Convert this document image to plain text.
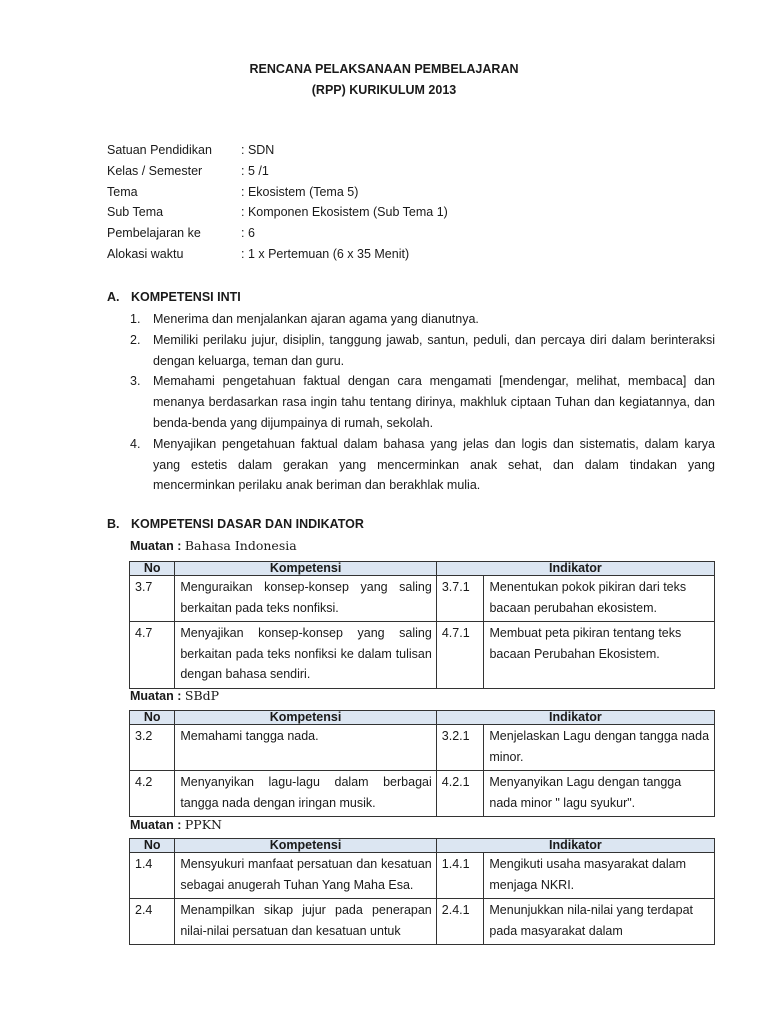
RENCANA PELAKSANAAN PEMBELAJARAN
(RPP) KURIKULUM 2013
Satuan Pendidikan	: SDN
Kelas / Semester	: 5 /1
Tema	: Ekosistem (Tema 5)
Sub Tema	: Komponen Ekosistem (Sub Tema 1)
Pembelajaran ke	: 6
Alokasi waktu	: 1 x Pertemuan (6 x 35 Menit)
A. KOMPETENSI INTI
1.	Menerima dan menjalankan ajaran agama yang dianutnya.
2.	Memiliki perilaku jujur, disiplin, tanggung jawab, santun, peduli, dan percaya diri dalam berinteraksi dengan keluarga, teman dan guru.
3.	Memahami pengetahuan faktual dengan cara mengamati [mendengar, melihat, membaca] dan menanya berdasarkan rasa ingin tahu tentang dirinya, makhluk ciptaan Tuhan dan kegiatannya, dan benda-benda yang dijumpainya di rumah, sekolah.
4.	Menyajikan pengetahuan faktual dalam bahasa yang jelas dan logis dan sistematis, dalam karya yang estetis dalam gerakan yang mencerminkan anak sehat, dan dalam tindakan yang mencerminkan perilaku anak beriman dan berakhlak mulia.
B. KOMPETENSI DASAR DAN INDIKATOR
Muatan : Bahasa Indonesia
No	Kompetensi	Indikator	
3.7	Menguraikan konsep-konsep yang saling berkaitan pada teks nonfiksi.	3.7.1	Menentukan pokok pikiran dari teks bacaan perubahan ekosistem.
4.7	Menyajikan konsep-konsep yang saling berkaitan pada teks nonfiksi ke dalam tulisan dengan bahasa sendiri.	4.7.1	Membuat peta pikiran tentang teks bacaan Perubahan Ekosistem.
Muatan : SBdP
No	Kompetensi	Indikator	
3.2	Memahami tangga nada.	3.2.1	Menjelaskan Lagu dengan tangga nada minor.
4.2	Menyanyikan lagu-lagu dalam berbagai tangga nada dengan iringan musik.	4.2.1	Menyanyikan Lagu dengan tangga nada minor " lagu syukur".
Muatan : PPKN
No	Kompetensi	Indikator	
1.4	Mensyukuri manfaat persatuan dan kesatuan sebagai anugerah Tuhan Yang Maha Esa.	1.4.1	Mengikuti usaha masyarakat dalam menjaga NKRI.
2.4	Menampilkan sikap jujur pada penerapan nilai-nilai persatuan dan kesatuan untuk	2.4.1	Menunjukkan nila-nilai yang terdapat pada masyarakat dalam
